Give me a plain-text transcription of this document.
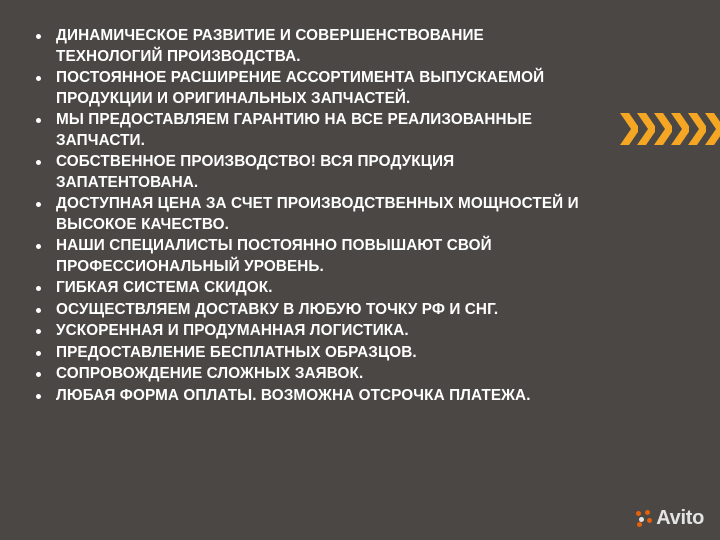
ДИНАМИЧЕСКОЕ РАЗВИТИЕ И СОВЕРШЕНСТВОВАНИЕ ТЕХНОЛОГИЙ ПРОИЗВОДСТВА.
ПОСТОЯННОЕ РАСШИРЕНИЕ АССОРТИМЕНТА ВЫПУСКАЕМОЙ ПРОДУКЦИИ И ОРИГИНАЛЬНЫХ ЗАПЧАСТЕЙ.
МЫ ПРЕДОСТАВЛЯЕМ ГАРАНТИЮ НА ВСЕ РЕАЛИЗОВАННЫЕ ЗАПЧАСТИ.
СОБСТВЕННОЕ ПРОИЗВОДСТВО! ВСЯ ПРОДУКЦИЯ ЗАПАТЕНТОВАНА.
ДОСТУПНАЯ ЦЕНА ЗА СЧЕТ ПРОИЗВОДСТВЕННЫХ МОЩНОСТЕЙ И ВЫСОКОЕ КАЧЕСТВО.
НАШИ СПЕЦИАЛИСТЫ ПОСТОЯННО ПОВЫШАЮТ СВОЙ ПРОФЕССИОНАЛЬНЫЙ УРОВЕНЬ.
ГИБКАЯ СИСТЕМА СКИДОК.
ОСУЩЕСТВЛЯЕМ ДОСТАВКУ В ЛЮБУЮ ТОЧКУ РФ И СНГ.
УСКОРЕННАЯ И ПРОДУМАННАЯ ЛОГИСТИКА.
ПРЕДОСТАВЛЕНИЕ БЕСПЛАТНЫХ ОБРАЗЦОВ.
СОПРОВОЖДЕНИЕ СЛОЖНЫХ ЗАЯВОК.
ЛЮБАЯ ФОРМА ОПЛАТЫ. ВОЗМОЖНА ОТСРОЧКА ПЛАТЕЖА.
Avito
